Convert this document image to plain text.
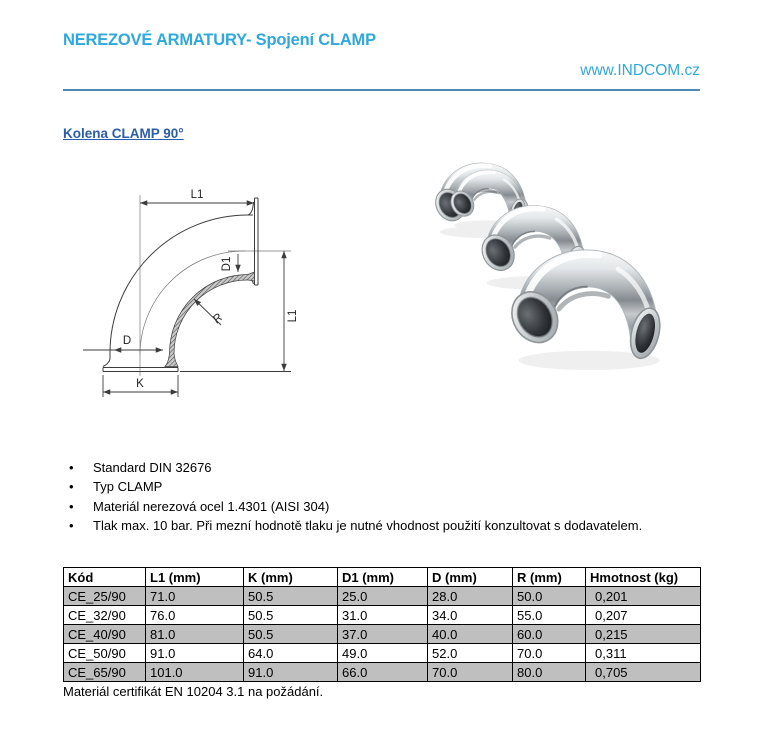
NEREZOVÉ ARMATURY- Spojení CLAMP
www.INDCOM.cz
Kolena CLAMP 90°
L1
L1
D1
D
K
R
• Standard DIN 32676
• Typ CLAMP
• Materiál nerezová ocel 1.4301 (AISI 304)
• Tlak max. 10 bar. Při mezní hodnotě tlaku je nutné vhodnost použití konzultovat s dodavatelem.
Kód	L1 (mm)	K (mm)	D1 (mm)	D (mm)	R (mm)	Hmotnost (kg)
CE_25/90	71.0	50.5	25.0	28.0	50.0	0,201
CE_32/90	76.0	50.5	31.0	34.0	55.0	0,207
CE_40/90	81.0	50.5	37.0	40.0	60.0	0,215
CE_50/90	91.0	64.0	49.0	52.0	70.0	0,311
CE_65/90	101.0	91.0	66.0	70.0	80.0	0,705
Materiál certifikát EN 10204 3.1 na požádání.
